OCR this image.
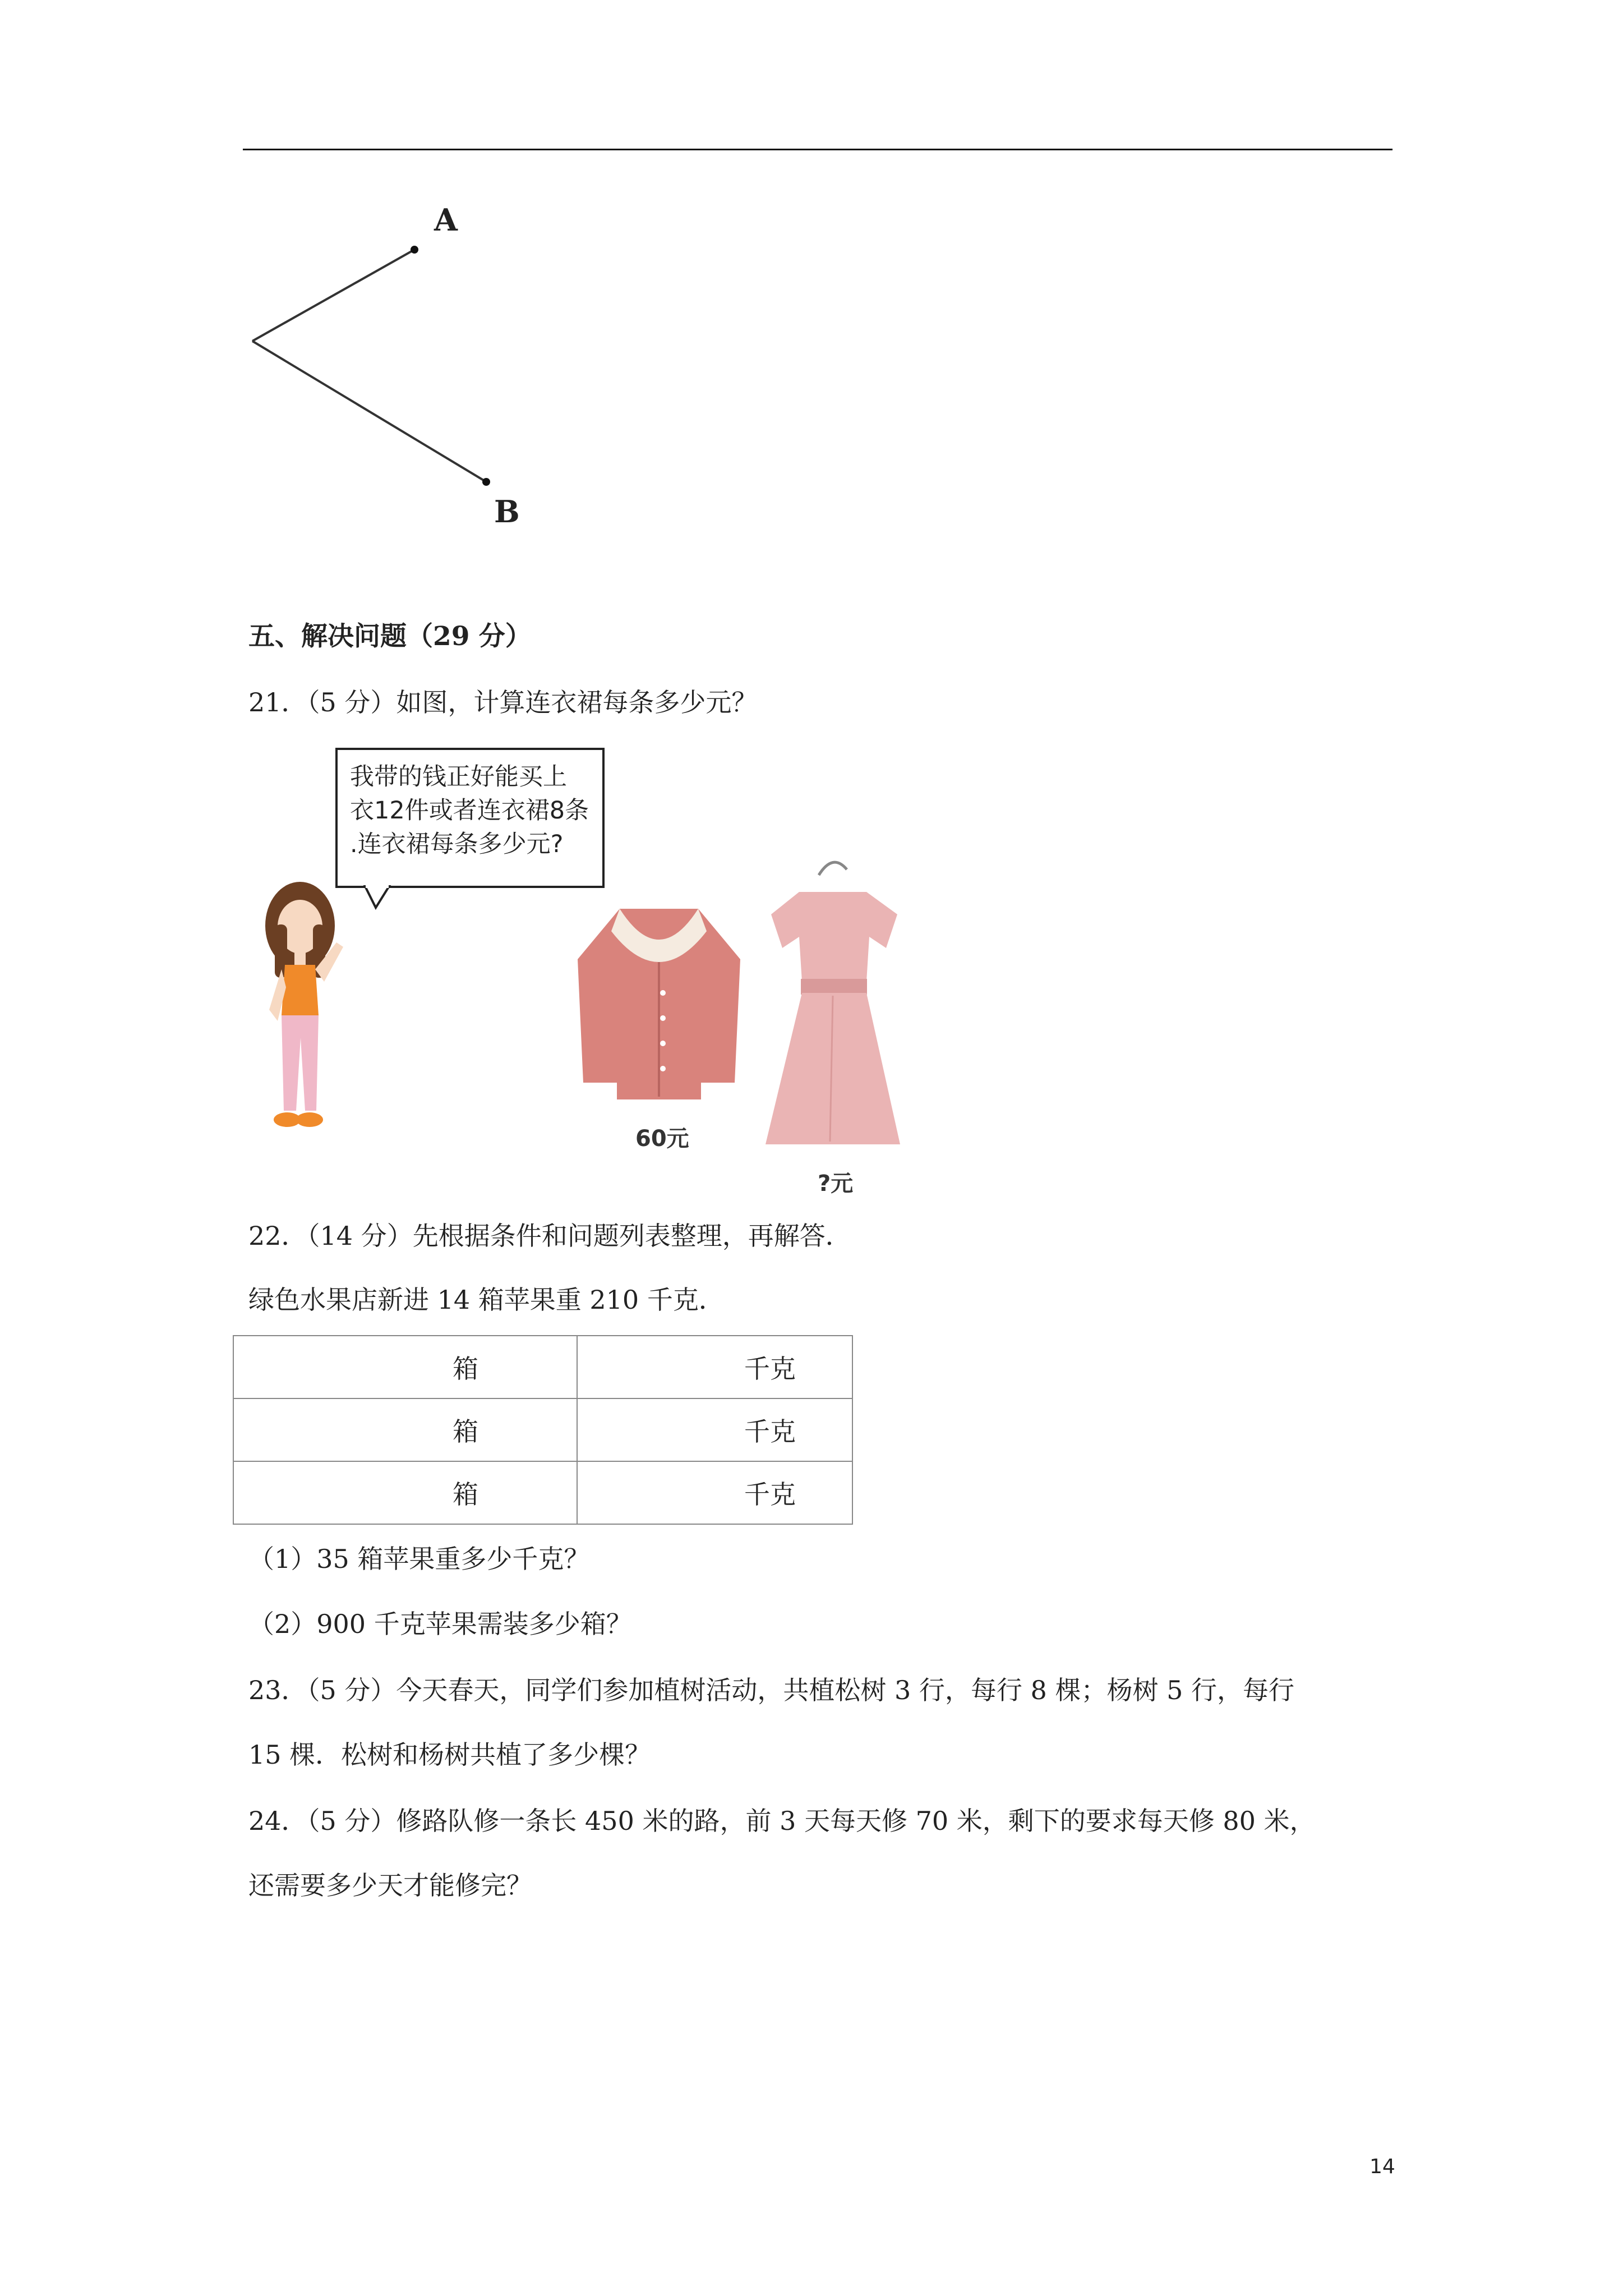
A
B
五、解决问题（29 分）
21．（5 分）如图，计算连衣裙每条多少元？
我带的钱正好能买上
衣12件或者连衣裙8条
.连衣裙每条多少元?
60元
?元
22．（14 分）先根据条件和问题列表整理，再解答．
绿色水果店新进 14 箱苹果重 210 千克．
箱	千克
箱	千克
箱	千克
（1）35 箱苹果重多少千克？
（2）900 千克苹果需装多少箱？
23．（5 分）今天春天，同学们参加植树活动，共植松树 3 行，每行 8 棵；杨树 5 行，每行
15 棵．松树和杨树共植了多少棵？
24．（5 分）修路队修一条长 450 米的路，前 3 天每天修 70 米，剩下的要求每天修 80 米，
还需要多少天才能修完？
14
